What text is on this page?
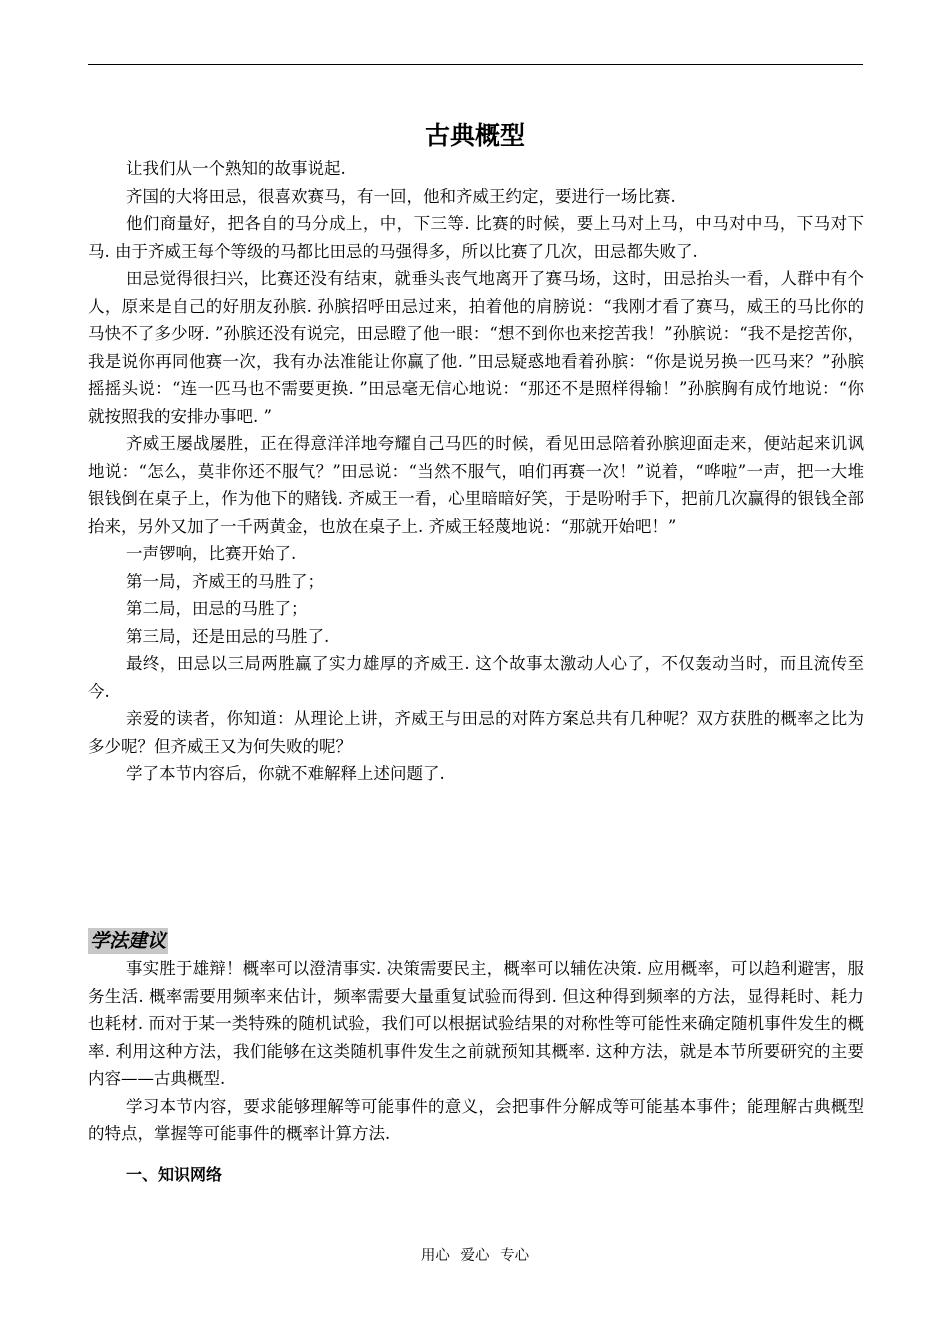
古典概型

让我们从一个熟知的故事说起.

齐国的大将田忌，很喜欢赛马，有一回，他和齐威王约定，要进行一场比赛.

他们商量好，把各自的马分成上，中，下三等. 比赛的时候，要上马对上马，中马对中马，下马对下马. 由于齐威王每个等级的马都比田忌的马强得多，所以比赛了几次，田忌都失败了.

田忌觉得很扫兴，比赛还没有结束，就垂头丧气地离开了赛马场，这时，田忌抬头一看，人群中有个人，原来是自己的好朋友孙膑. 孙膑招呼田忌过来，拍着他的肩膀说：“我刚才看了赛马，威王的马比你的马快不了多少呀. ”孙膑还没有说完，田忌瞪了他一眼：“想不到你也来挖苦我！”孙膑说：“我不是挖苦你，我是说你再同他赛一次，我有办法准能让你赢了他. ”田忌疑惑地看着孙膑：“你是说另换一匹马来？”孙膑摇摇头说：“连一匹马也不需要更换. ”田忌毫无信心地说：“那还不是照样得输！”孙膑胸有成竹地说：“你就按照我的安排办事吧. ”

齐威王屡战屡胜，正在得意洋洋地夸耀自己马匹的时候，看见田忌陪着孙膑迎面走来，便站起来讥讽地说：“怎么，莫非你还不服气？”田忌说：“当然不服气，咱们再赛一次！”说着，“哗啦”一声，把一大堆银钱倒在桌子上，作为他下的赌钱. 齐威王一看，心里暗暗好笑，于是吩咐手下，把前几次赢得的银钱全部抬来，另外又加了一千两黄金，也放在桌子上. 齐威王轻蔑地说：“那就开始吧！”

一声锣响，比赛开始了.

第一局，齐威王的马胜了；

第二局，田忌的马胜了；

第三局，还是田忌的马胜了.

最终，田忌以三局两胜赢了实力雄厚的齐威王. 这个故事太激动人心了，不仅轰动当时，而且流传至今.

亲爱的读者，你知道：从理论上讲，齐威王与田忌的对阵方案总共有几种呢？双方获胜的概率之比为多少呢？但齐威王又为何失败的呢？

学了本节内容后，你就不难解释上述问题了.

学法建议

事实胜于雄辩！概率可以澄清事实. 决策需要民主，概率可以辅佐决策. 应用概率，可以趋利避害，服务生活. 概率需要用频率来估计，频率需要大量重复试验而得到. 但这种得到频率的方法，显得耗时、耗力也耗材. 而对于某一类特殊的随机试验，我们可以根据试验结果的对称性等可能性来确定随机事件发生的概率. 利用这种方法，我们能够在这类随机事件发生之前就预知其概率. 这种方法，就是本节所要研究的主要内容——古典概型.

学习本节内容，要求能够理解等可能事件的意义，会把事件分解成等可能基本事件；能理解古典概型的特点，掌握等可能事件的概率计算方法.

一、知识网络
用心 爱心 专心
